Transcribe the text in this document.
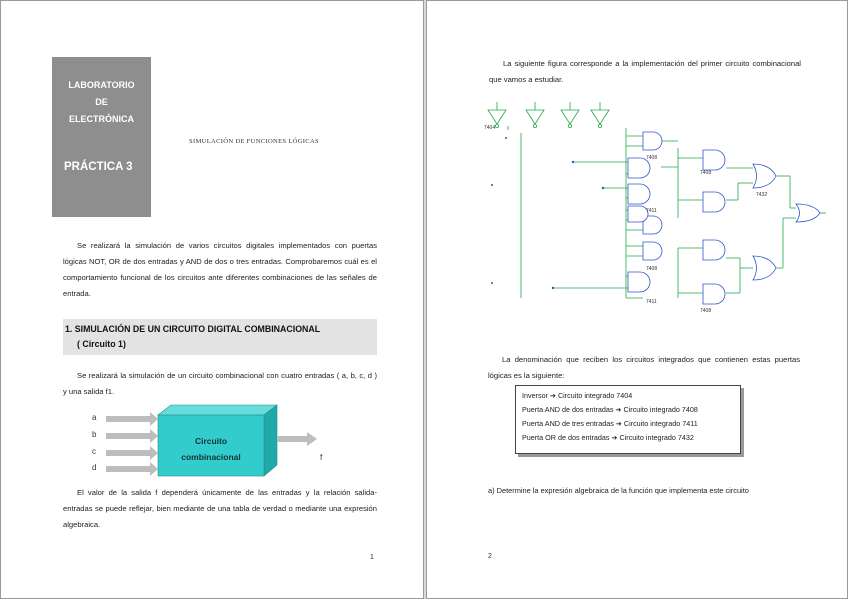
LABORATORIO
DE
ELECTRÓNICA
PRÁCTICA 3
SIMULACIÓN DE FUNCIONES LÓGICAS

Se realizará la simulación de varios circuitos digitales implementados con puertas lógicas NOT, OR de dos entradas y AND de dos o tres entradas. Comprobaremos cuál es el comportamiento funcional de los circuitos ante diferentes combinaciones de las señales de entrada.

1. SIMULACIÓN DE UN CIRCUITO DIGITAL COMBINACIONAL
( Circuito 1)

Se realizará la simulación de un circuito combinacional con cuatro entradas ( a, b, c, d ) y una salida f1.

a
b
c
d
Circuito
combinacional	f

El valor de la salida f dependerá únicamente de las entradas y la relación salida-entradas se puede reflejar, bien mediante de una tabla de verdad o mediante una expresión algebraica.

1

La siguiente figura corresponde a la implementación del primer circuito combinacional que vamos a estudiar.

7404
7408
7408
7411
7408
7411
7408
7432

La denominación que reciben los circuitos integrados que contienen estas puertas lógicas es la siguiente:

Inversor ➔ Circuito integrado 7404
Puerta AND de dos entradas ➔ Circuito integrado 7408
Puerta AND de tres entradas ➔ Circuito integrado 7411
Puerta OR de dos entradas ➔ Circuito integrado 7432
a) Determine la expresión algebraica de la función que implementa este circuito
2
